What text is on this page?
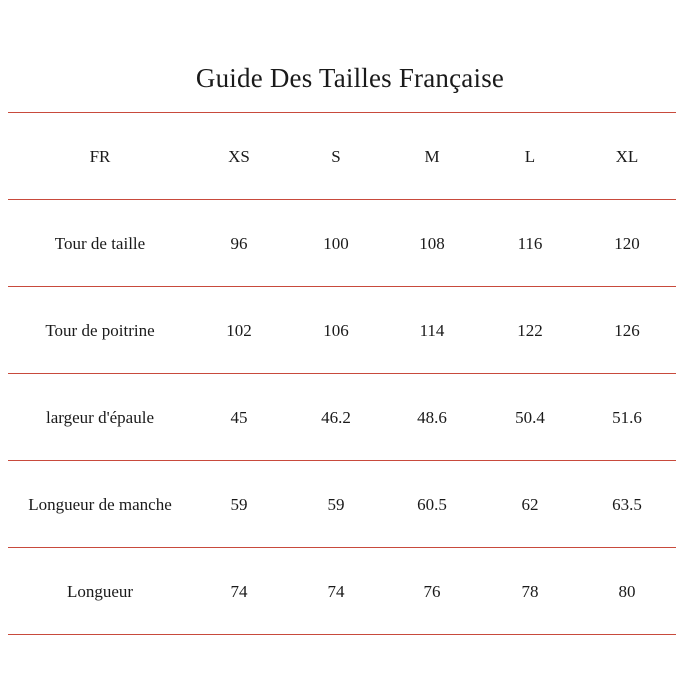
Guide Des Tailles Française
FR	XS	S	M	L	XL
Tour de taille	96	100	108	116	120
Tour de poitrine	102	106	114	122	126
largeur d'épaule	45	46.2	48.6	50.4	51.6
Longueur de manche	59	59	60.5	62	63.5
Longueur	74	74	76	78	80
